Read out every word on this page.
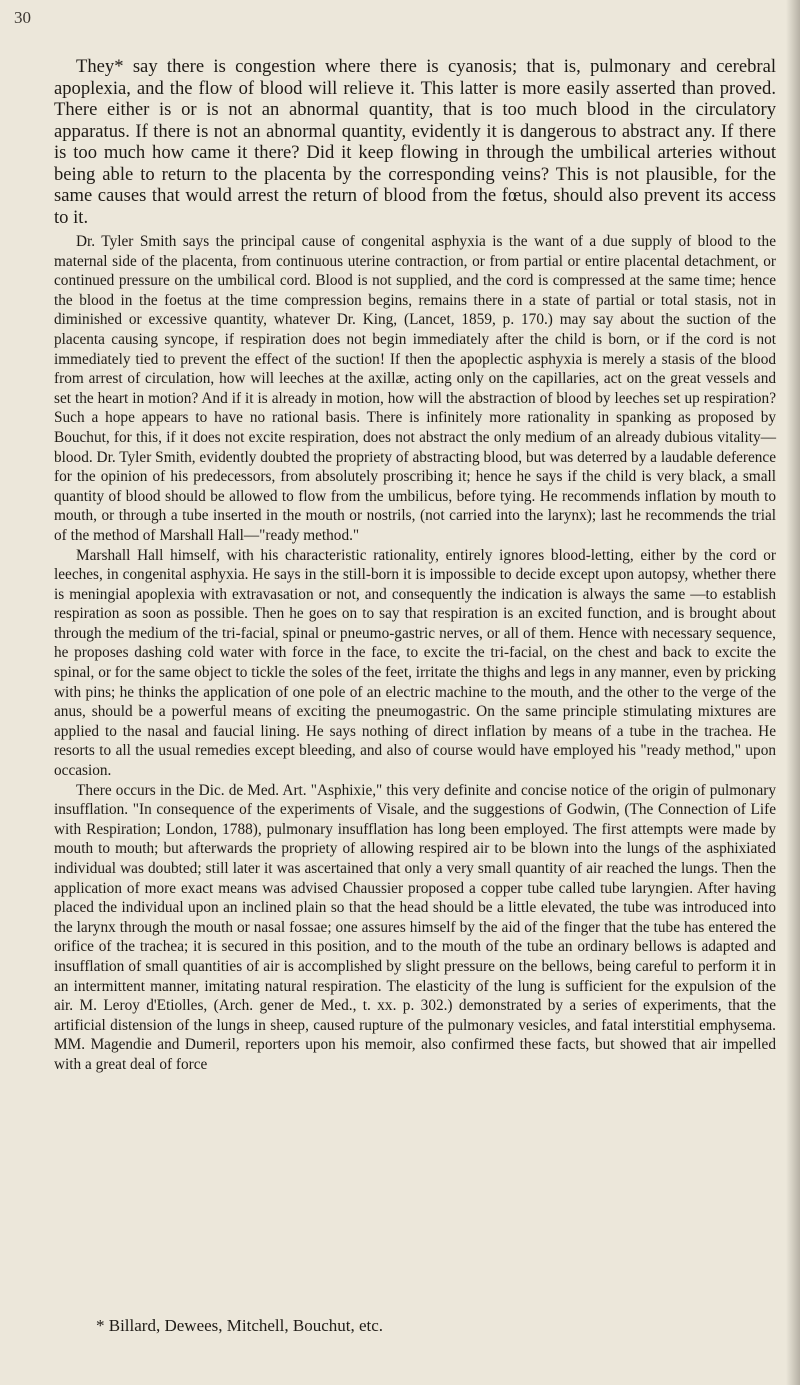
30

They* say there is congestion where there is cyanosis; that is, pulmonary and cerebral apoplexia, and the flow of blood will relieve it. This latter is more easily asserted than proved. There either is or is not an abnormal quantity, that is too much blood in the circulatory apparatus. If there is not an abnormal quantity, evidently it is dangerous to abstract any. If there is too much how came it there? Did it keep flowing in through the umbilical arteries without being able to return to the placenta by the corresponding veins? This is not plausible, for the same causes that would arrest the return of blood from the fœtus, should also prevent its access to it.

Dr. Tyler Smith says the principal cause of congenital asphyxia is the want of a due supply of blood to the maternal side of the placenta, from continuous uterine contraction, or from partial or entire placental detachment, or continued pressure on the umbilical cord. Blood is not supplied, and the cord is compressed at the same time; hence the blood in the foetus at the time compression begins, remains there in a state of partial or total stasis, not in diminished or excessive quantity, whatever Dr. King, (Lancet, 1859, p. 170.) may say about the suction of the placenta causing syncope, if respiration does not begin immediately after the child is born, or if the cord is not immediately tied to prevent the effect of the suction! If then the apoplectic asphyxia is merely a stasis of the blood from arrest of circulation, how will leeches at the axillæ, acting only on the capillaries, act on the great vessels and set the heart in motion? And if it is already in motion, how will the abstraction of blood by leeches set up respiration? Such a hope appears to have no rational basis. There is infinitely more rationality in spanking as proposed by Bouchut, for this, if it does not excite respiration, does not abstract the only medium of an already dubious vitality—blood. Dr. Tyler Smith, evidently doubted the propriety of abstracting blood, but was deterred by a laudable deference for the opinion of his predecessors, from absolutely proscribing it; hence he says if the child is very black, a small quantity of blood should be allowed to flow from the umbilicus, before tying. He recommends inflation by mouth to mouth, or through a tube inserted in the mouth or nostrils, (not carried into the larynx); last he recommends the trial of the method of Marshall Hall—"ready method."

Marshall Hall himself, with his characteristic rationality, entirely ignores blood-letting, either by the cord or leeches, in congenital asphyxia. He says in the still-born it is impossible to decide except upon autopsy, whether there is meningial apoplexia with extravasation or not, and consequently the indication is always the same —to establish respiration as soon as possible. Then he goes on to say that respiration is an excited function, and is brought about through the medium of the tri-facial, spinal or pneumo-gastric nerves, or all of them. Hence with necessary sequence, he proposes dashing cold water with force in the face, to excite the tri-facial, on the chest and back to excite the spinal, or for the same object to tickle the soles of the feet, irritate the thighs and legs in any manner, even by pricking with pins; he thinks the application of one pole of an electric machine to the mouth, and the other to the verge of the anus, should be a powerful means of exciting the pneumogastric. On the same principle stimulating mixtures are applied to the nasal and faucial lining. He says nothing of direct inflation by means of a tube in the trachea. He resorts to all the usual remedies except bleeding, and also of course would have employed his "ready method," upon occasion.

There occurs in the Dic. de Med. Art. "Asphixie," this very definite and concise notice of the origin of pulmonary insufflation. "In consequence of the experiments of Visale, and the suggestions of Godwin, (The Connection of Life with Respiration; London, 1788), pulmonary insufflation has long been employed. The first attempts were made by mouth to mouth; but afterwards the propriety of allowing respired air to be blown into the lungs of the asphixiated individual was doubted; still later it was ascertained that only a very small quantity of air reached the lungs. Then the application of more exact means was advised Chaussier proposed a copper tube called tube laryngien. After having placed the individual upon an inclined plain so that the head should be a little elevated, the tube was introduced into the larynx through the mouth or nasal fossae; one assures himself by the aid of the finger that the tube has entered the orifice of the trachea; it is secured in this position, and to the mouth of the tube an ordinary bellows is adapted and insufflation of small quantities of air is accomplished by slight pressure on the bellows, being careful to perform it in an intermittent manner, imitating natural respiration. The elasticity of the lung is sufficient for the expulsion of the air. M. Leroy d'Etiolles, (Arch. gener de Med., t. xx. p. 302.) demonstrated by a series of experiments, that the artificial distension of the lungs in sheep, caused rupture of the pulmonary vesicles, and fatal interstitial emphysema. MM. Magendie and Dumeril, reporters upon his memoir, also confirmed these facts, but showed that air impelled with a great deal of force

* Billard, Dewees, Mitchell, Bouchut, etc.
